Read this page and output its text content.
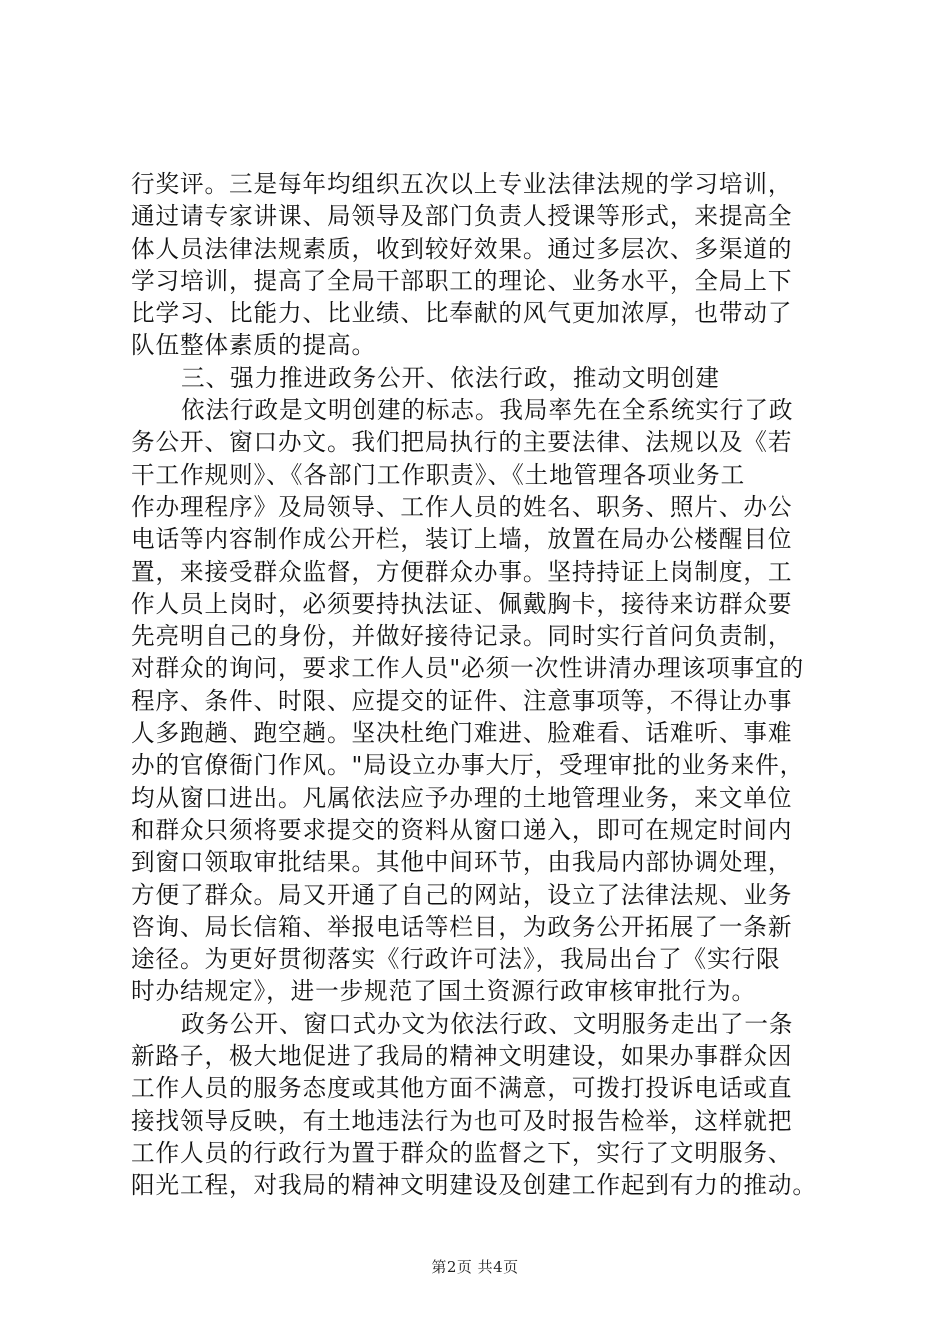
行奖评。三是每年均组织五次以上专业法律法规的学习培训，
通过请专家讲课、局领导及部门负责人授课等形式，来提高全
体人员法律法规素质，收到较好效果。通过多层次、多渠道的
学习培训，提高了全局干部职工的理论、业务水平，全局上下
比学习、比能力、比业绩、比奉献的风气更加浓厚，也带动了
队伍整体素质的提高。
三、强力推进政务公开、依法行政，推动文明创建
依法行政是文明创建的标志。我局率先在全系统实行了政
务公开、窗口办文。我们把局执行的主要法律、法规以及《若
干工作规则》、《各部门工作职责》、《土地管理各项业务工
作办理程序》及局领导、工作人员的姓名、职务、照片、办公
电话等内容制作成公开栏，装订上墙，放置在局办公楼醒目位
置，来接受群众监督，方便群众办事。坚持持证上岗制度，工
作人员上岗时，必须要持执法证、佩戴胸卡，接待来访群众要
先亮明自己的身份，并做好接待记录。同时实行首问负责制，
对群众的询问，要求工作人员"必须一次性讲清办理该项事宜的
程序、条件、时限、应提交的证件、注意事项等，不得让办事
人多跑趟、跑空趟。坚决杜绝门难进、脸难看、话难听、事难
办的官僚衙门作风。"局设立办事大厅，受理审批的业务来件，
均从窗口进出。凡属依法应予办理的土地管理业务，来文单位
和群众只须将要求提交的资料从窗口递入，即可在规定时间内
到窗口领取审批结果。其他中间环节，由我局内部协调处理，
方便了群众。局又开通了自己的网站，设立了法律法规、业务
咨询、局长信箱、举报电话等栏目，为政务公开拓展了一条新
途径。为更好贯彻落实《行政许可法》，我局出台了《实行限
时办结规定》，进一步规范了国土资源行政审核审批行为。
政务公开、窗口式办文为依法行政、文明服务走出了一条
新路子，极大地促进了我局的精神文明建设，如果办事群众因
工作人员的服务态度或其他方面不满意，可拨打投诉电话或直
接找领导反映，有土地违法行为也可及时报告检举，这样就把
工作人员的行政行为置于群众的监督之下，实行了文明服务、
阳光工程，对我局的精神文明建设及创建工作起到有力的推动。
第2页 共4页
